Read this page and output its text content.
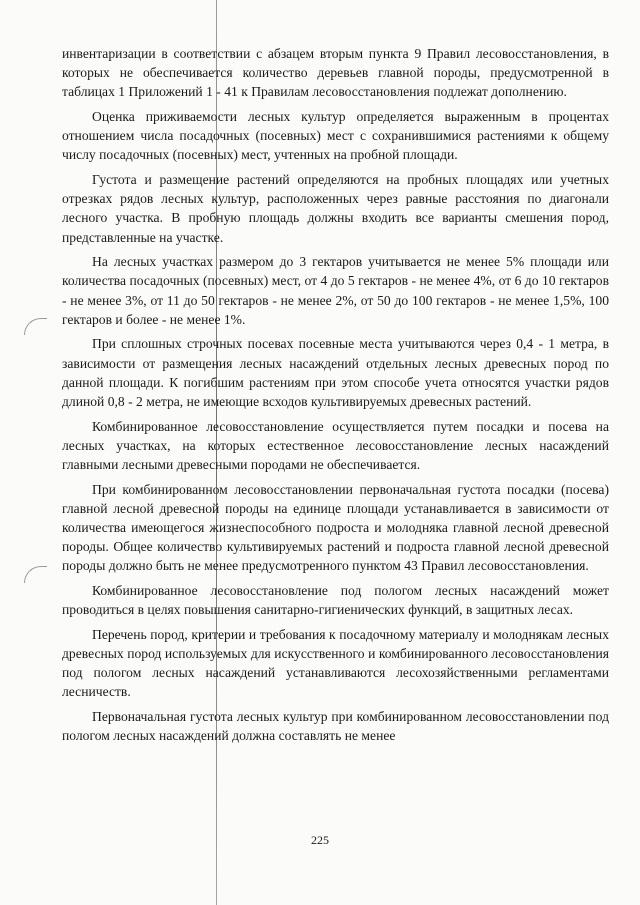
инвентаризации в соответствии с абзацем вторым пункта 9 Правил лесовосстановления, в которых не обеспечивается количество деревьев главной породы, предусмотренной в таблицах 1 Приложений 1 - 41 к Правилам лесовосстановления подлежат дополнению.

Оценка приживаемости лесных культур определяется выраженным в процентах отношением числа посадочных (посевных) мест с сохранившимися растениями к общему числу посадочных (посевных) мест, учтенных на пробной площади.

Густота и размещение растений определяются на пробных площадях или учетных отрезках рядов лесных культур, расположенных через равные расстояния по диагонали лесного участка. В пробную площадь должны входить все варианты смешения пород, представленные на участке.

На лесных участках размером до 3 гектаров учитывается не менее 5% площади или количества посадочных (посевных) мест, от 4 до 5 гектаров - не менее 4%, от 6 до 10 гектаров - не менее 3%, от 11 до 50 гектаров - не менее 2%, от 50 до 100 гектаров - не менее 1,5%, 100 гектаров и более - не менее 1%.

При сплошных строчных посевах посевные места учитываются через 0,4 - 1 метра, в зависимости от размещения лесных насаждений отдельных лесных древесных пород по данной площади. К погибшим растениям при этом способе учета относятся участки рядов длиной 0,8 - 2 метра, не имеющие всходов культивируемых древесных растений.

Комбинированное лесовосстановление осуществляется путем посадки и посева на лесных участках, на которых естественное лесовосстановление лесных насаждений главными лесными древесными породами не обеспечивается.

При комбинированном лесовосстановлении первоначальная густота посадки (посева) главной лесной древесной породы на единице площади устанавливается в зависимости от количества имеющегося жизнеспособного подроста и молодняка главной лесной древесной породы. Общее количество культивируемых растений и подроста главной лесной древесной породы должно быть не менее предусмотренного пунктом 43 Правил лесовосстановления.

Комбинированное лесовосстановление под пологом лесных насаждений может проводиться в целях повышения санитарно-гигиенических функций, в защитных лесах.

Перечень пород, критерии и требования к посадочному материалу и молоднякам лесных древесных пород используемых для искусственного и комбинированного лесовосстановления под пологом лесных насаждений устанавливаются лесохозяйственными регламентами лесничеств.

Первоначальная густота лесных культур при комбинированном лесовосстановлении под пологом лесных насаждений должна составлять не менее

225
